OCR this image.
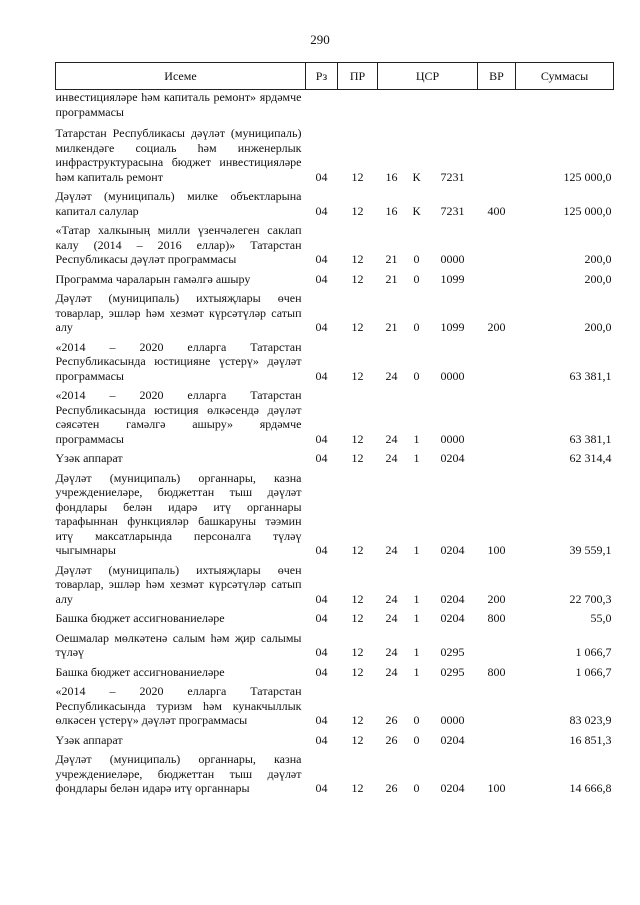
290
Исеме	Рз	ПР	ЦСР			ВР	Суммасы
инвестицияләре һәм капиталь ремонт» ярдәмче программасы							
Татарстан Республикасы дәүләт (муниципаль) милкендәге социаль һәм инженерлык инфраструктурасына бюджет инвестицияләре һәм капиталь ремонт	04	12	16	К	7231		125 000,0
Дәүләт (муниципаль) милке объектларына капитал салулар	04	12	16	К	7231	400	125 000,0
«Татар халкының милли үзенчәлеген саклап калу (2014 – 2016 еллар)» Татарстан Республикасы дәүләт программасы	04	12	21	0	0000		200,0
Программа чараларын гамәлгә ашыру	04	12	21	0	1099		200,0
Дәүләт (муниципаль) ихтыяҗлары өчен товарлар, эшләр һәм хезмәт күрсәтүләр сатып алу	04	12	21	0	1099	200	200,0
«2014 – 2020 елларга Татарстан Республикасында юстицияне үстерү» дәүләт программасы	04	12	24	0	0000		63 381,1
«2014 – 2020 елларга Татарстан Республикасында юстиция өлкәсендә дәүләт сәясәтен гамәлгә ашыру» ярдәмче программасы	04	12	24	1	0000		63 381,1
Үзәк аппарат	04	12	24	1	0204		62 314,4
Дәүләт (муниципаль) органнары, казна учреждениеләре, бюджеттан тыш дәүләт фондлары белән идарә итү органнары тарафыннан функцияләр башкаруны тәэмин итү максатларында персоналга түләү чыгымнары	04	12	24	1	0204	100	39 559,1
Дәүләт (муниципаль) ихтыяҗлары өчен товарлар, эшләр һәм хезмәт күрсәтүләр сатып алу	04	12	24	1	0204	200	22 700,3
Башка бюджет ассигнованиеләре	04	12	24	1	0204	800	55,0
Оешмалар мөлкәтенә салым һәм җир салымы түләү	04	12	24	1	0295		1 066,7
Башка бюджет ассигнованиеләре	04	12	24	1	0295	800	1 066,7
«2014 – 2020 елларга Татарстан Республикасында туризм һәм кунакчыллык өлкәсен үстерү» дәүләт программасы	04	12	26	0	0000		83 023,9
Үзәк аппарат	04	12	26	0	0204		16 851,3
Дәүләт (муниципаль) органнары, казна учреждениеләре, бюджеттан тыш дәүләт фондлары белән идарә итү органнары	04	12	26	0	0204	100	14 666,8
